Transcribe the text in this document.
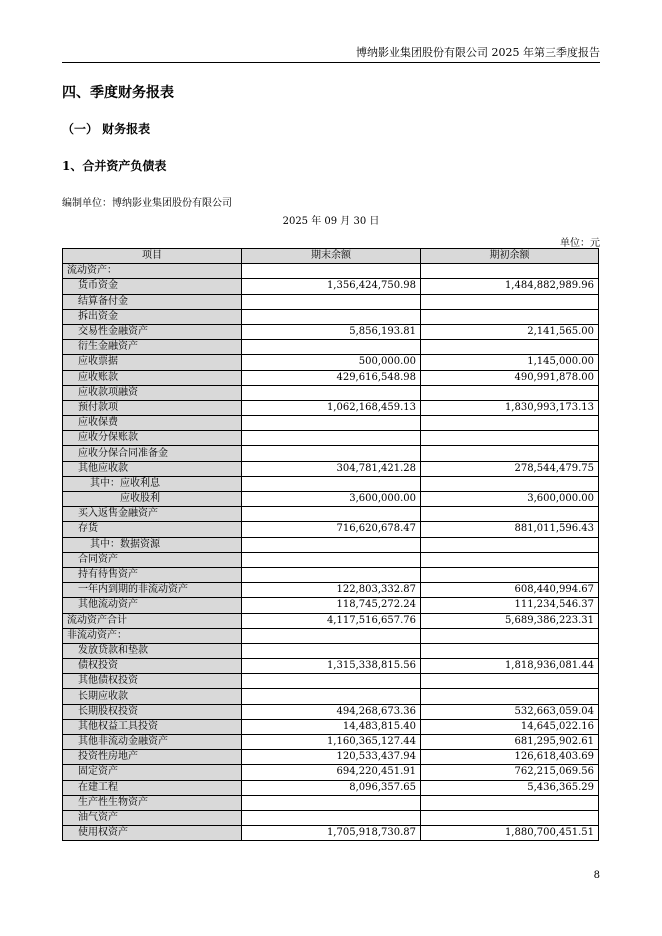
博纳影业集团股份有限公司 2025 年第三季度报告
四、季度财务报表
（一） 财务报表
1、合并资产负债表
编制单位：博纳影业集团股份有限公司
2025 年 09 月 30 日
单位：元
项目	期末余额	期初余额
流动资产：		
货币资金	1,356,424,750.98	1,484,882,989.96
结算备付金		
拆出资金		
交易性金融资产	5,856,193.81	2,141,565.00
衍生金融资产		
应收票据	500,000.00	1,145,000.00
应收账款	429,616,548.98	490,991,878.00
应收款项融资		
预付款项	1,062,168,459.13	1,830,993,173.13
应收保费		
应收分保账款		
应收分保合同准备金		
其他应收款	304,781,421.28	278,544,479.75
其中：应收利息		
应收股利	3,600,000.00	3,600,000.00
买入返售金融资产		
存货	716,620,678.47	881,011,596.43
其中：数据资源		
合同资产		
持有待售资产		
一年内到期的非流动资产	122,803,332.87	608,440,994.67
其他流动资产	118,745,272.24	111,234,546.37
流动资产合计	4,117,516,657.76	5,689,386,223.31
非流动资产：		
发放贷款和垫款		
债权投资	1,315,338,815.56	1,818,936,081.44
其他债权投资		
长期应收款		
长期股权投资	494,268,673.36	532,663,059.04
其他权益工具投资	14,483,815.40	14,645,022.16
其他非流动金融资产	1,160,365,127.44	681,295,902.61
投资性房地产	120,533,437.94	126,618,403.69
固定资产	694,220,451.91	762,215,069.56
在建工程	8,096,357.65	5,436,365.29
生产性生物资产		
油气资产		
使用权资产	1,705,918,730.87	1,880,700,451.51
8
